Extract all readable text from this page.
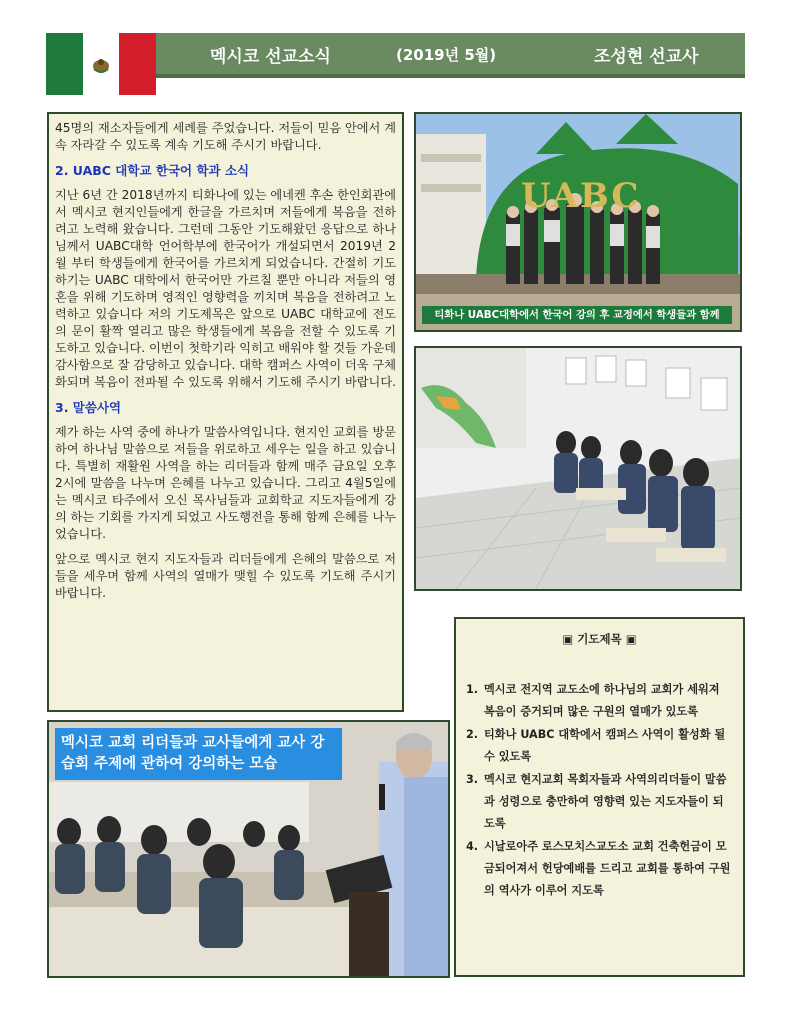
멕시코 선교소식	(2019년 5월)	조성현 선교사

45명의 재소자들에게 세례를 주었습니다. 저들이 믿음 안에서 계속 자라갈 수 있도록 계속 기도해 주시기 바랍니다.

2. UABC 대학교 한국어 학과 소식

지난 6년 간 2018년까지 티화나에 있는 에네켄 후손 한인회관에서 멕시코 현지인들에게 한글을 가르치며 저들에게 복음을 전하려고 노력해 왔습니다. 그런데 그동안 기도해왔던 응답으로 하나님께서 UABC대학 언어학부에 한국어가 개설되면서 2019년 2월 부터 학생들에게 한국어를 가르치게 되었습니다. 간절히 기도하기는 UABC 대학에서 한국어만 가르칠 뿐만 아니라 저들의 영혼을 위해 기도하며 영적인 영향력을 끼치며 복음을 전하려고 노력하고 있습니다 저의 기도제목은 앞으로 UABC 대학교에 전도의 문이 활짝 열리고 많은 학생들에게 복음을 전할 수 있도록 기도하고 있습니다. 이번이 첫학기라 익히고 배워야 할 것들 가운데 감사함으로 잘 감당하고 있습니다. 대학 캠퍼스 사역이 더욱 구체화되며 복음이 전파될 수 있도록 위해서 기도해 주시기 바랍니다.

3. 말씀사역

제가 하는 사역 중에 하나가 말씀사역입니다. 현지인 교회를 방문하여 하나님 말씀으로 저들을 위로하고 세우는 일을 하고 있습니다. 특별히 재활원 사역을 하는 리더들과 함께 매주 금요일 오후 2시에 말씀을 나누며 은혜를 나누고 있습니다. 그리고 4월5일에는 멕시코 타주에서 오신 목사님들과 교회학교 지도자들에게 강의 하는 기회를 가지게 되었고 사도행전을 통해 함께 은혜를 나누었습니다.

앞으로 멕시코 현지 지도자들과 리더들에게 은혜의 말씀으로 저들을 세우며 함께 사역의 열매가 맺힐 수 있도록 기도해 주시기 바랍니다.

UABC
티화나 UABC대학에서 한국어 강의 후 교정에서 학생들과 함께
멕시코 교회 리더들과 교사들에게 교사 강습회 주제에 관하여 강의하는 모습
▣ 기도제목 ▣
1. 멕시코 전지역 교도소에 하나님의 교회가 세워져 복음이 증거되며 많은 구원의 열매가 있도록
2. 티화나 UABC 대학에서 캠퍼스 사역이 활성화 될 수 있도록
3. 멕시코 현지교회 목회자들과 사역의리더들이 말씀과 성령으로 충만하여 영향력 있는 지도자들이 되도록
4. 시날로아주 로스모치스교도소 교회 건축헌금이 모금되어져서 헌당예배를 드리고 교회를 통하여 구원의 역사가 이루어 지도록
